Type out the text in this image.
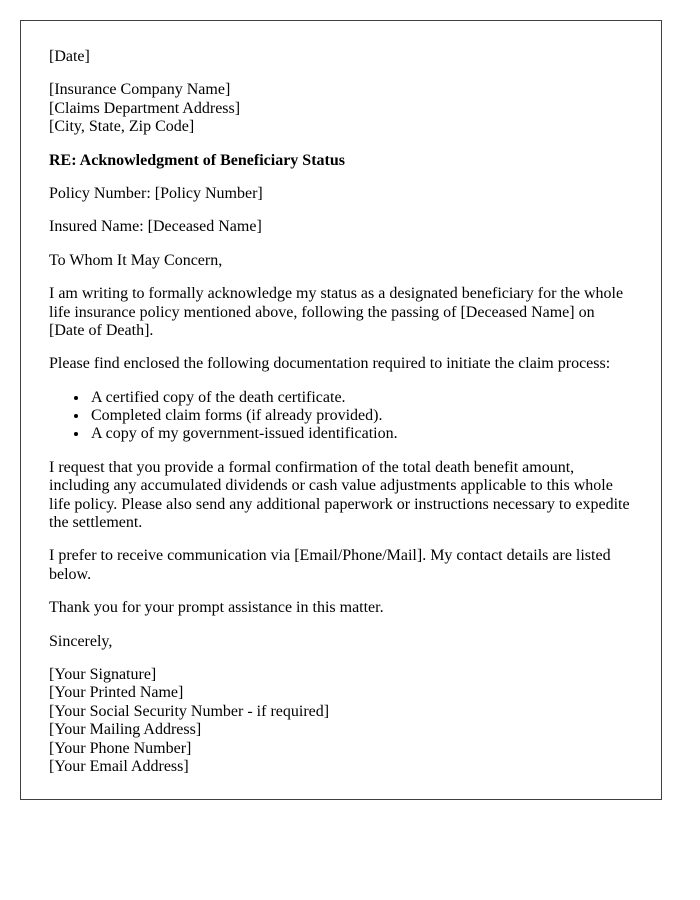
[Date]

[Insurance Company Name]
[Claims Department Address]
[City, State, Zip Code]

RE: Acknowledgment of Beneficiary Status

Policy Number: [Policy Number]

Insured Name: [Deceased Name]

To Whom It May Concern,

I am writing to formally acknowledge my status as a designated beneficiary for the whole life insurance policy mentioned above, following the passing of [Deceased Name] on [Date of Death].

Please find enclosed the following documentation required to initiate the claim process:

• A certified copy of the death certificate.
• Completed claim forms (if already provided).
• A copy of my government-issued identification.

I request that you provide a formal confirmation of the total death benefit amount, including any accumulated dividends or cash value adjustments applicable to this whole life policy. Please also send any additional paperwork or instructions necessary to expedite the settlement.

I prefer to receive communication via [Email/Phone/Mail]. My contact details are listed below.

Thank you for your prompt assistance in this matter.

Sincerely,

[Your Signature]
[Your Printed Name]
[Your Social Security Number - if required]
[Your Mailing Address]
[Your Phone Number]
[Your Email Address]
